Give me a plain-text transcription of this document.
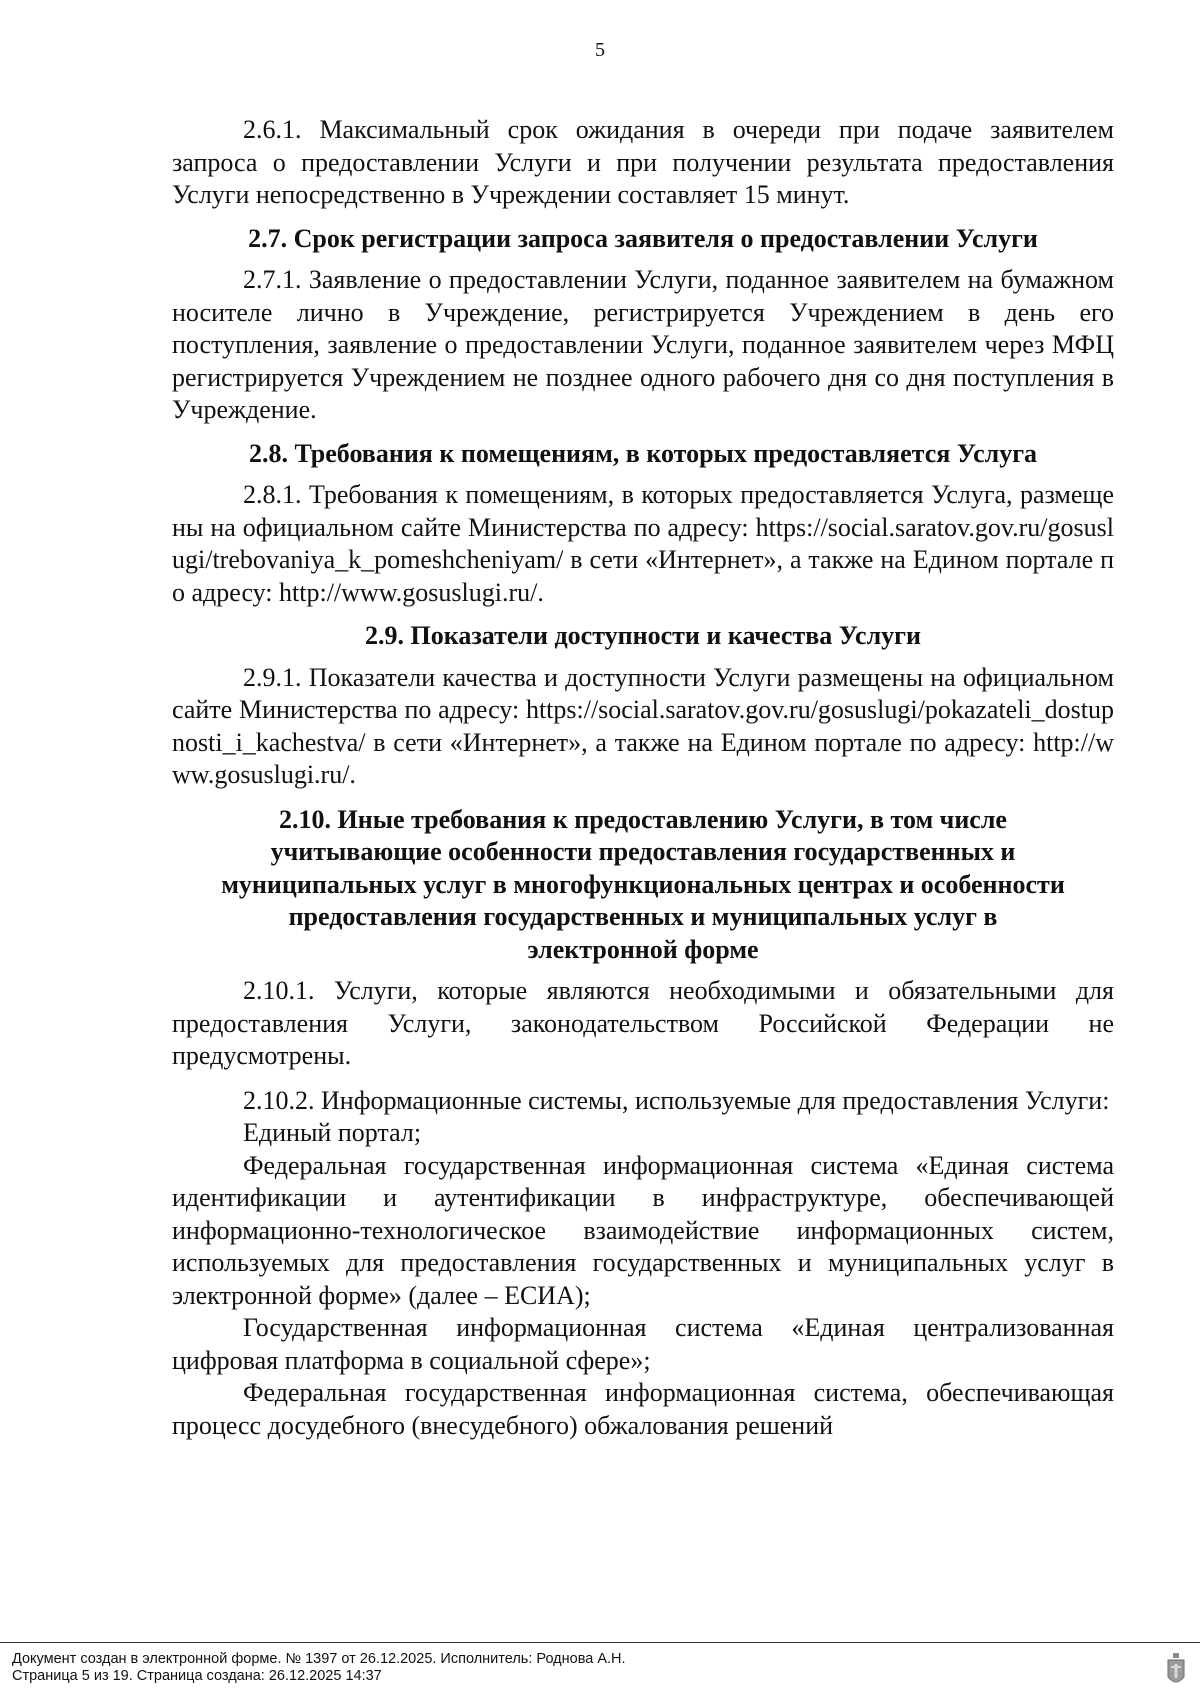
5

2.6.1. Максимальный срок ожидания в очереди при подаче заявителем запроса о предоставлении Услуги и при получении результата предоставления Услуги непосредственно в Учреждении составляет 15 минут.

2.7. Срок регистрации запроса заявителя о предоставлении Услуги

2.7.1. Заявление о предоставлении Услуги, поданное заявителем на бумажном носителе лично в Учреждение, регистрируется Учреждением в день его поступления, заявление о предоставлении Услуги, поданное заявителем через МФЦ регистрируется Учреждением не позднее одного рабочего дня со дня поступления в Учреждение.

2.8. Требования к помещениям, в которых предоставляется Услуга

2.8.1. Требования к помещениям, в которых предоставляется Услуга, размещены на официальном сайте Министерства по адресу: https://social.saratov.gov.ru/gosuslugi/trebovaniya_k_pomeshcheniyam/ в сети «Интернет», а также на Едином портале по адресу: http://www.gosuslugi.ru/.

2.9. Показатели доступности и качества Услуги

2.9.1. Показатели качества и доступности Услуги размещены на официальном сайте Министерства по адресу: https://social.saratov.gov.ru/gosuslugi/pokazateli_dostupnosti_i_kachestva/ в сети «Интернет», а также на Едином портале по адресу: http://www.gosuslugi.ru/.

2.10. Иные требования к предоставлению Услуги, в том числе учитывающие особенности предоставления государственных и муниципальных услуг в многофункциональных центрах и особенности предоставления государственных и муниципальных услуг в электронной форме

2.10.1. Услуги, которые являются необходимыми и обязательными для предоставления Услуги, законодательством Российской Федерации не предусмотрены.

2.10.2. Информационные системы, используемые для предоставления Услуги:

Единый портал;

Федеральная государственная информационная система «Единая система идентификации и аутентификации в инфраструктуре, обеспечивающей информационно-технологическое взаимодействие информационных систем, используемых для предоставления государственных и муниципальных услуг в электронной форме» (далее – ЕСИА);

Государственная информационная система «Единая централизованная цифровая платформа в социальной сфере»;

Федеральная государственная информационная система, обеспечивающая процесс досудебного (внесудебного) обжалования решений

Документ создан в электронной форме. № 1397 от 26.12.2025. Исполнитель: Роднова А.Н.
Страница 5 из 19. Страница создана: 26.12.2025 14:37
